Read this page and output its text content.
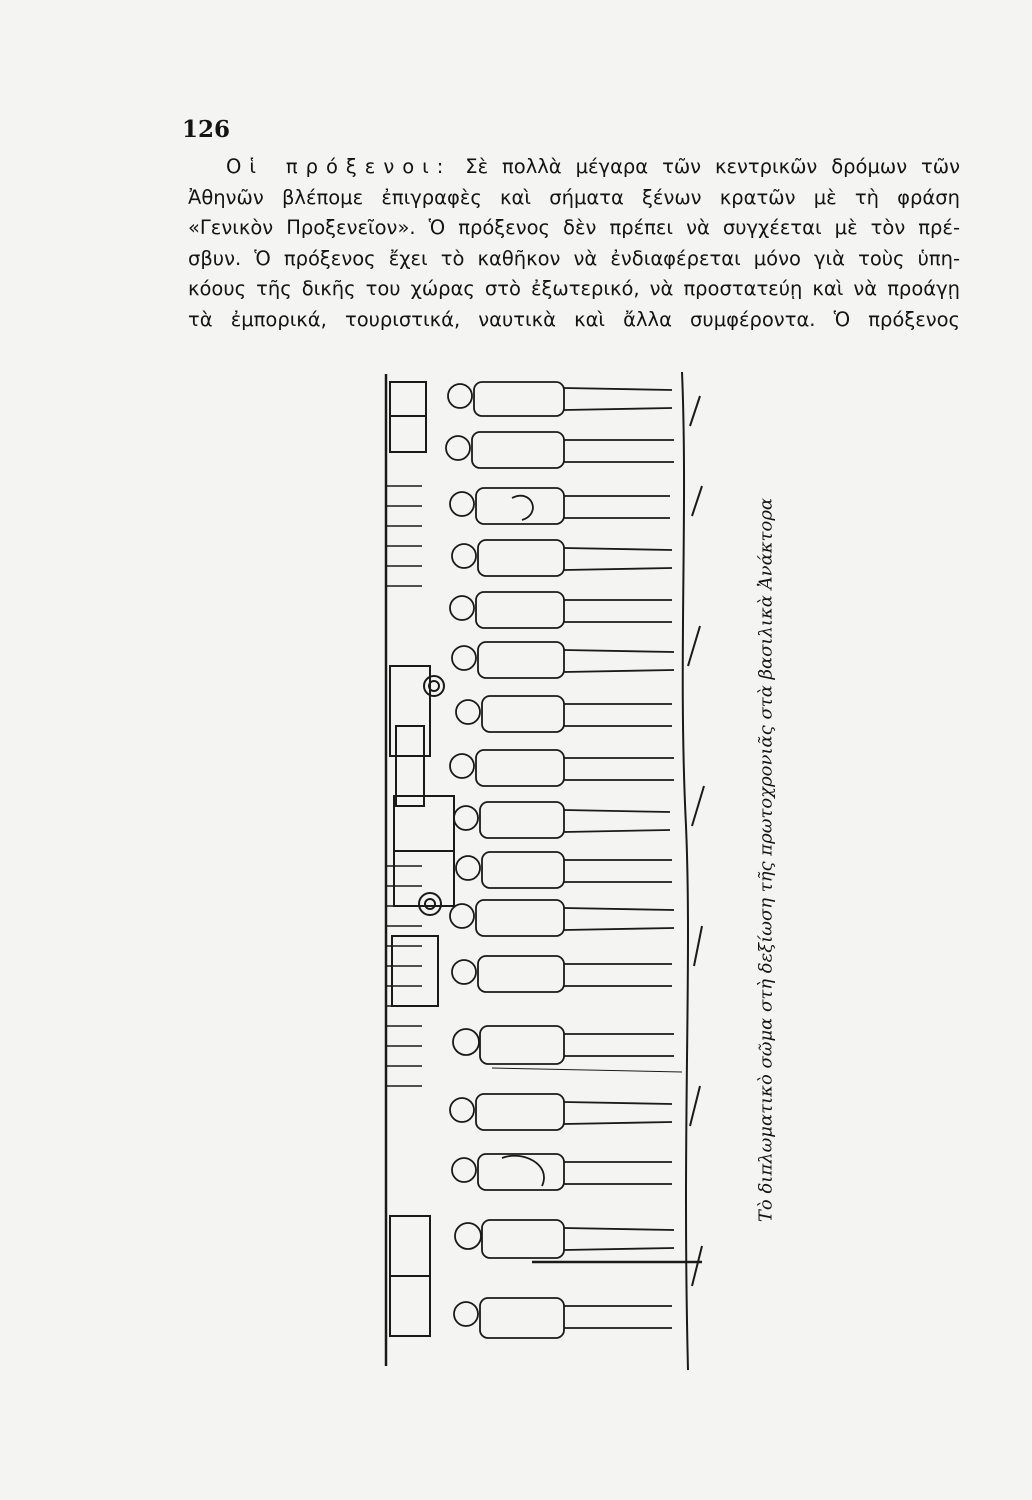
126
Οἱ πρόξενοι: Σὲ πολλὰ μέγαρα τῶν κεντρικῶν δρόμων τῶν
Ἀθηνῶν βλέπομε ἐπιγραφὲς καὶ σήματα ξένων κρατῶν μὲ τὴ φράση
«Γενικὸν Προξενεῖον». Ὁ πρόξενος δὲν πρέπει νὰ συγχέεται μὲ τὸν πρέ-
σβυν. Ὁ πρόξενος ἔχει τὸ καθῆκον νὰ ἐνδιαφέρεται μόνο γιὰ τοὺς ὑπη-
κόους τῆς δικῆς του χώρας στὸ ἐξωτερικό, νὰ προστατεύῃ καὶ νὰ προάγῃ
τὰ ἐμπορικά, τουριστικά, ναυτικὰ καὶ ἄλλα συμφέροντα. Ὁ πρόξενος
Τὸ διπλωματικὸ σῶμα στὴ δεξίωση τῆς πρωτοχρονιᾶς στὰ βασιλικὰ Ἀνάκτορα
